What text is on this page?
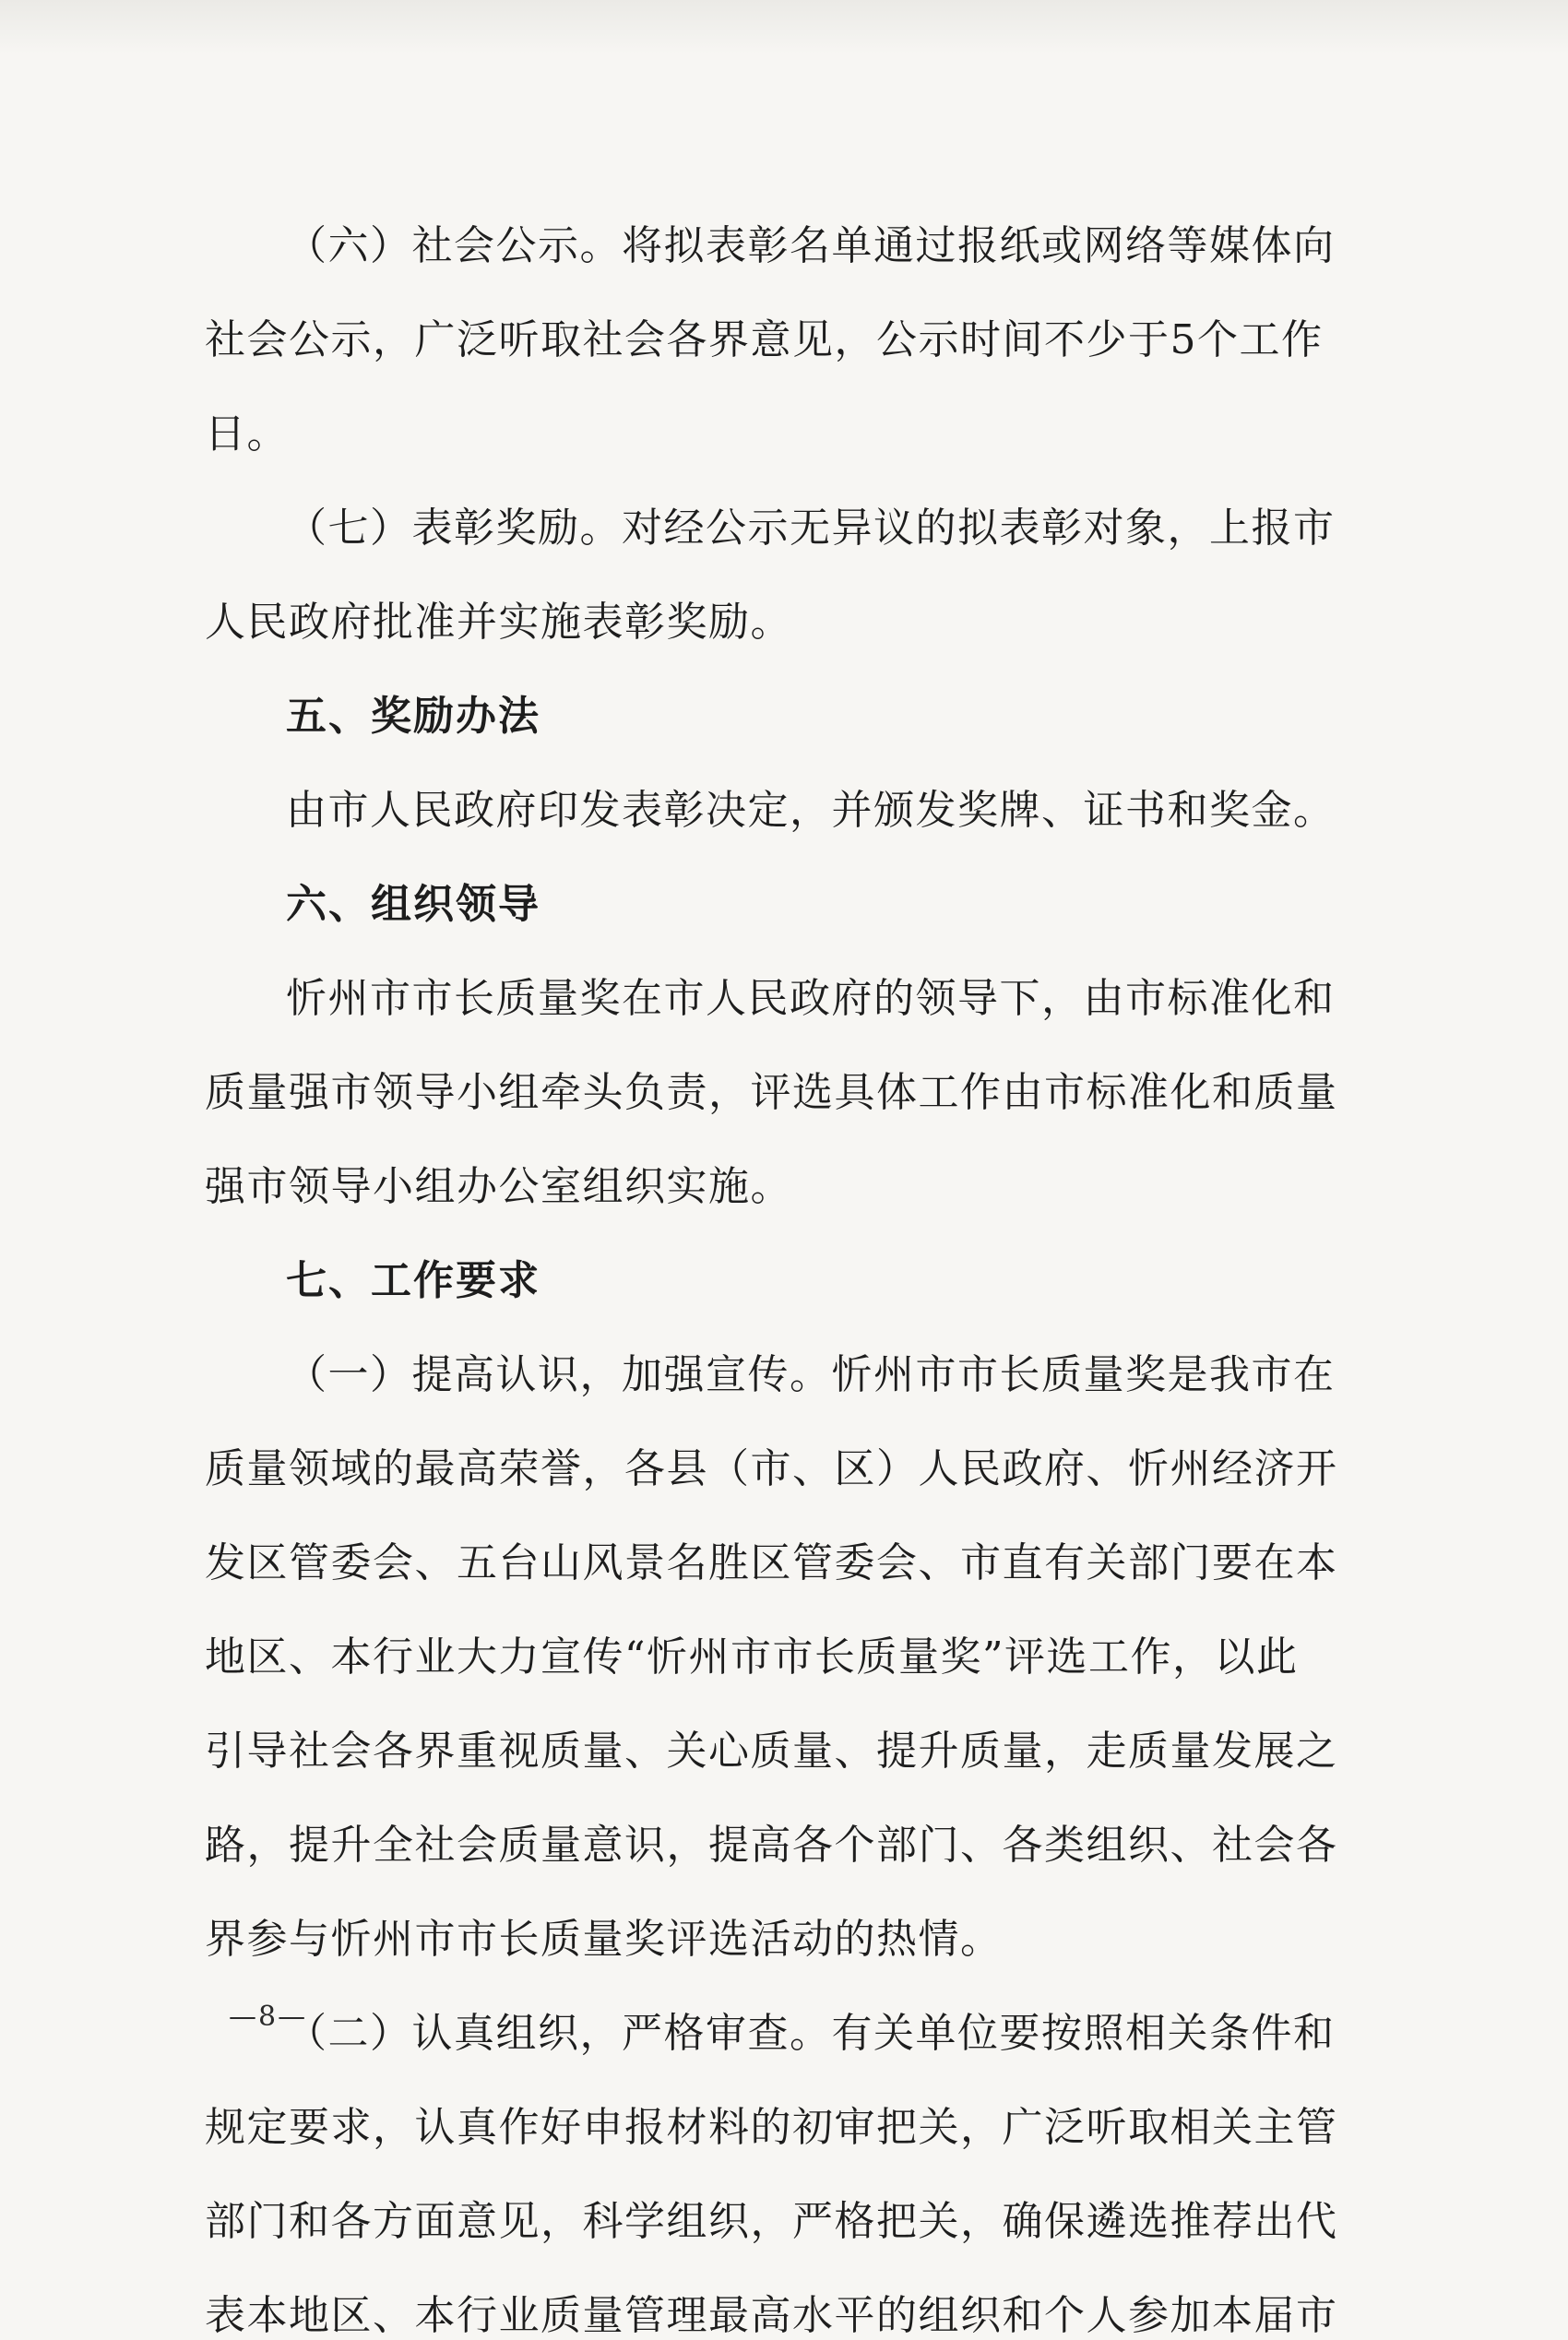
（六）社会公示。将拟表彰名单通过报纸或网络等媒体向
社会公示，广泛听取社会各界意见，公示时间不少于5个工作
日。
（七）表彰奖励。对经公示无异议的拟表彰对象，上报市
人民政府批准并实施表彰奖励。
五、奖励办法
由市人民政府印发表彰决定，并颁发奖牌、证书和奖金。
六、组织领导
忻州市市长质量奖在市人民政府的领导下，由市标准化和
质量强市领导小组牵头负责，评选具体工作由市标准化和质量
强市领导小组办公室组织实施。
七、工作要求
（一）提高认识，加强宣传。忻州市市长质量奖是我市在
质量领域的最高荣誉，各县（市、区）人民政府、忻州经济开
发区管委会、五台山风景名胜区管委会、市直有关部门要在本
地区、本行业大力宣传“忻州市市长质量奖”评选工作，以此
引导社会各界重视质量、关心质量、提升质量，走质量发展之
路，提升全社会质量意识，提高各个部门、各类组织、社会各
界参与忻州市市长质量奖评选活动的热情。
（二）认真组织，严格审查。有关单位要按照相关条件和
规定要求，认真作好申报材料的初审把关，广泛听取相关主管
部门和各方面意见，科学组织，严格把关，确保遴选推荐出代
表本地区、本行业质量管理最高水平的组织和个人参加本届市
—8—
